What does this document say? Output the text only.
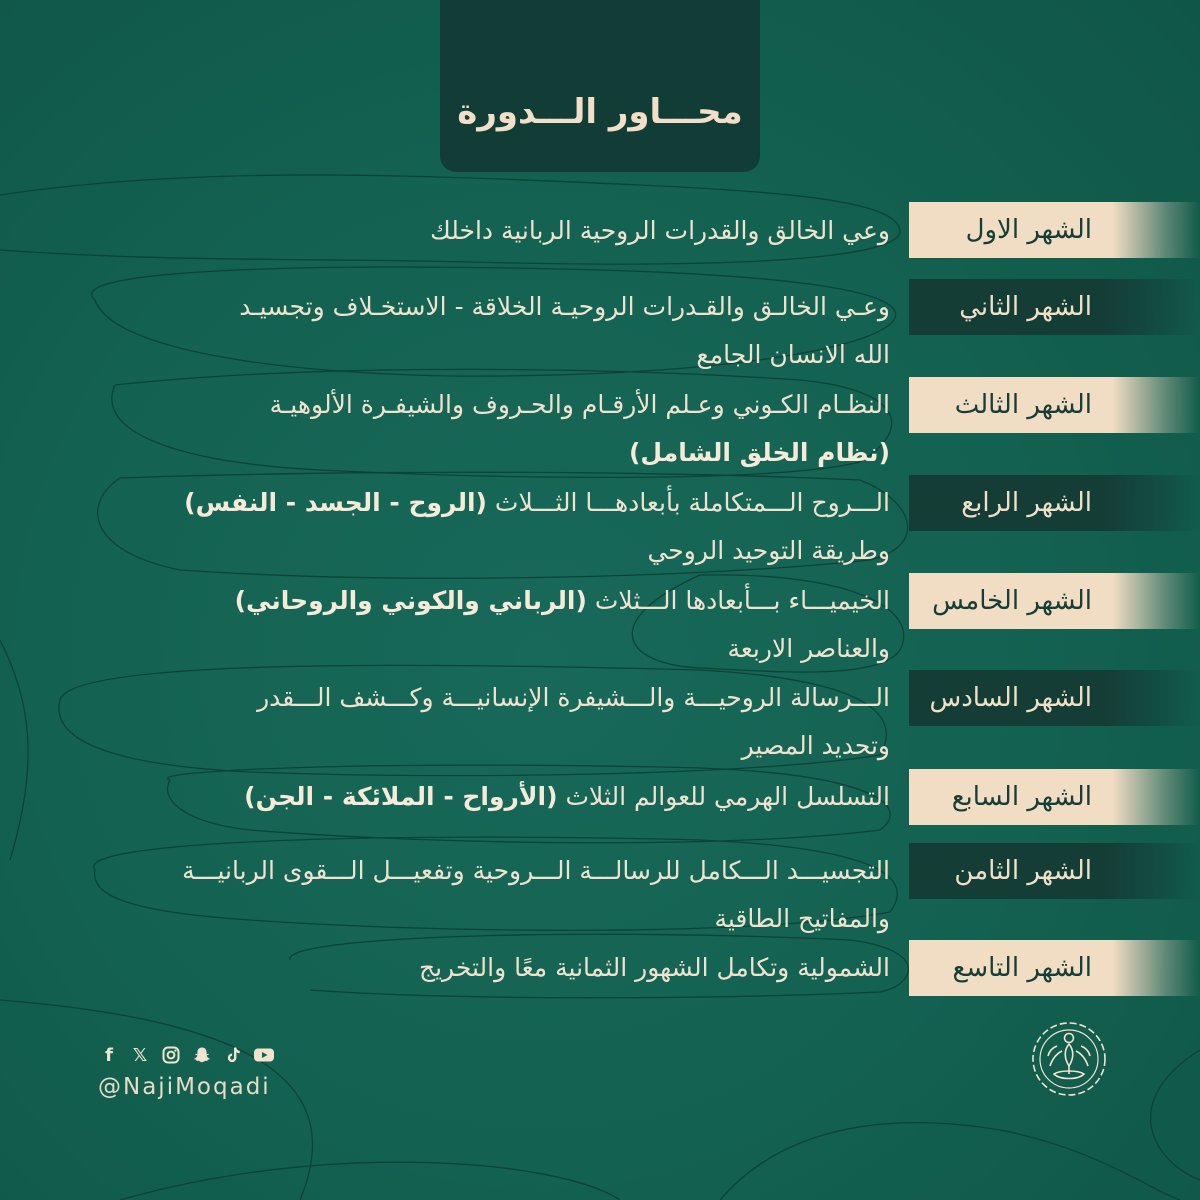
محـــاور الـــدورة
الشهر الاول
وعي الخالق والقدرات الروحية الربانية داخلك
الشهر الثاني
وعـي الخالـق والقـدرات الروحيـة الخلاقة - الاستخـلاف وتجسيـد
الله الانسان الجامع
الشهر الثالث
النظـام الكـوني وعـلم الأرقـام والحـروف والشيفـرة الألوهيـة
(نظام الخلق الشامل)
الشهر الرابع
الـــروح الـــمتكاملة بأبعادهـــا الثـــلاث (الروح - الجسد - النفس)
وطريقة التوحيد الروحي
الشهر الخامس
الخيميـــاء بـــأبعادها الـــثلاث (الرباني والكوني والروحاني)
والعناصر الاربعة
الشهر السادس
الـــرسالة الروحيـــة والـــشيفرة الإنسانيـــة وكـــشف الـــقدر
وتحديد المصير
الشهر السابع
التسلسل الهرمي للعوالم الثلاث (الأرواح - الملائكة - الجن)
الشهر الثامن
التجسيـــد الـــكامل للرسالـــة الـــروحية وتفعيـــل الـــقوى الربانيـــة
والمفاتيح الطاقية
الشهر التاسع
الشمولية وتكامل الشهور الثمانية معًا والتخريج
f	𝕏
@NajiMoqadi
